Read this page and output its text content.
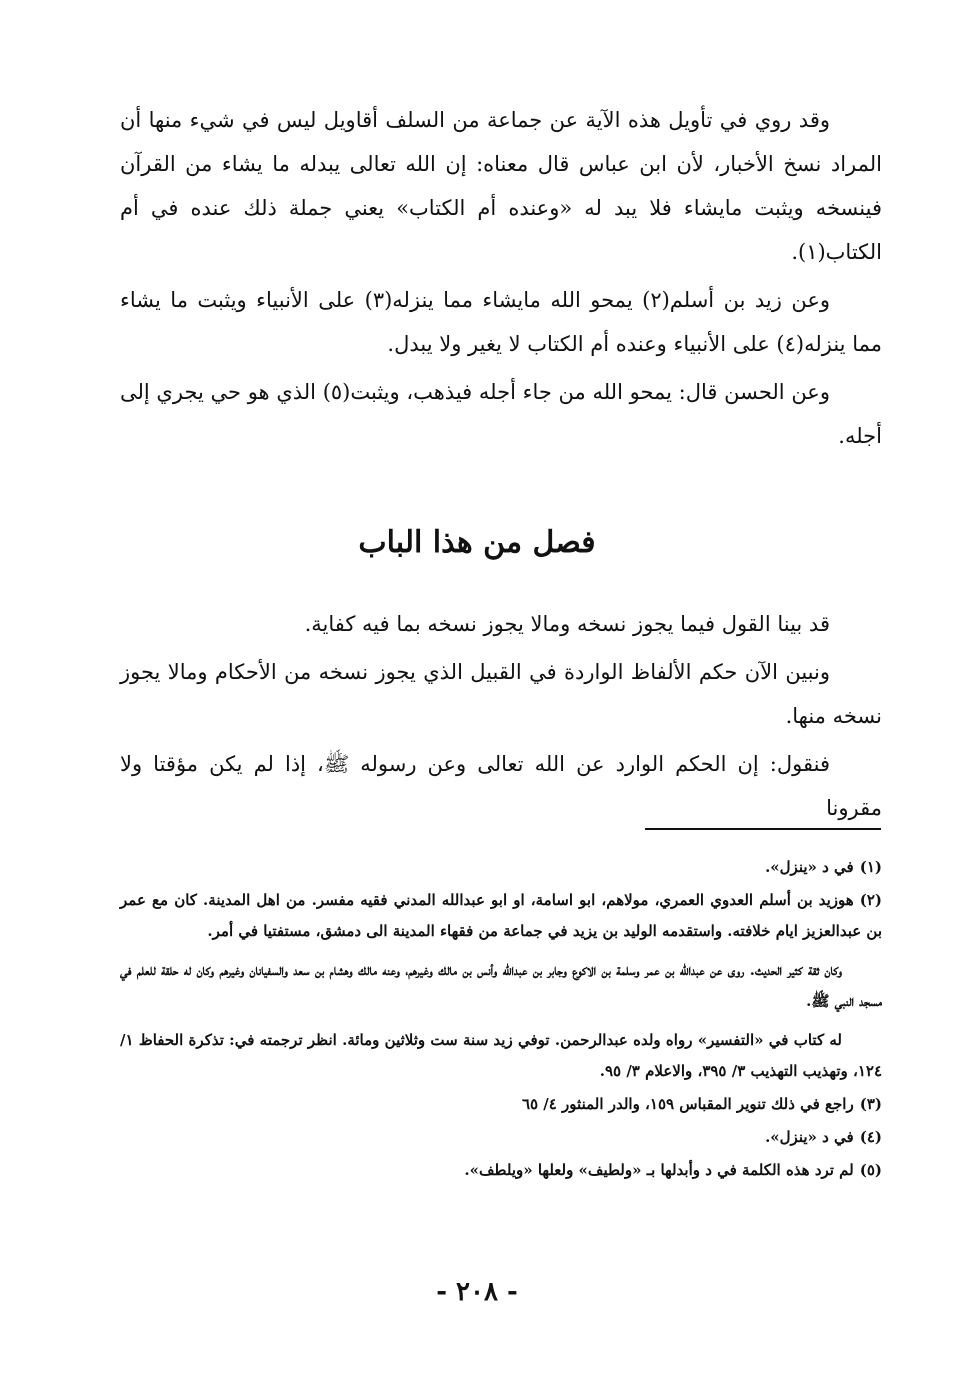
وقد روي في تأويل هذه الآية عن جماعة من السلف أقاويل ليس في شيء منها أن المراد نسخ الأخبار، لأن ابن عباس قال معناه: إن الله تعالى يبدله ما يشاء من القرآن فينسخه ويثبت مايشاء فلا يبد له «وعنده أم الكتاب» يعني جملة ذلك عنده في أم الكتاب(١).

وعن زيد بن أسلم(٢) يمحو الله مايشاء مما ينزله(٣) على الأنبياء ويثبت ما يشاء مما ينزله(٤) على الأنبياء وعنده أم الكتاب لا يغير ولا يبدل.

وعن الحسن قال: يمحو الله من جاء أجله فيذهب، ويثبت(٥) الذي هو حي يجري إلى أجله.

فصل من هذا الباب

قد بينا القول فيما يجوز نسخه ومالا يجوز نسخه بما فيه كفاية.

ونبين الآن حكم الألفاظ الواردة في القبيل الذي يجوز نسخه من الأحكام ومالا يجوز نسخه منها.

فنقول: إن الحكم الوارد عن الله تعالى وعن رسوله ﷺ، إذا لم يكن مؤقتا ولا مقرونا

(١)في د «ينزل».
(٢)هوزيد بن أسلم العدوي العمري، مولاهم، ابو اسامة، او ابو عبدالله المدني فقيه مفسر. من اهل المدينة. كان مع عمر بن عبدالعزيز ايام خلافته. واستقدمه الوليد بن يزيد في جماعة من فقهاء المدينة الى دمشق، مستفتيا في أمر.
وكان ثقة كثير الحديث. روى عن عبدالله بن عمر وسلمة بن الاكوع وجابر بن عبدالله وأنس بن مالك وغيرهم، وعنه مالك وهشام بن سعد والسفيانان وغيرهم وكان له حلقة للعلم في مسجد النبي ﷺ.
له كتاب في «التفسير» رواه ولده عبدالرحمن. توفي زيد سنة ست وثلاثين ومائة. انظر ترجمته في: تذكرة الحفاظ ١/ ١٢٤، وتهذيب التهذيب ٣/ ٣٩٥، والاعلام ٣/ ٩٥.
(٣)راجع في ذلك تنوير المقباس ١٥٩، والدر المنثور ٤/ ٦٥
(٤)في د «ينزل».
(٥)لم ترد هذه الكلمة في د وأبدلها بـ «ولطيف» ولعلها «ويلطف».
- ٢٠٨ -
